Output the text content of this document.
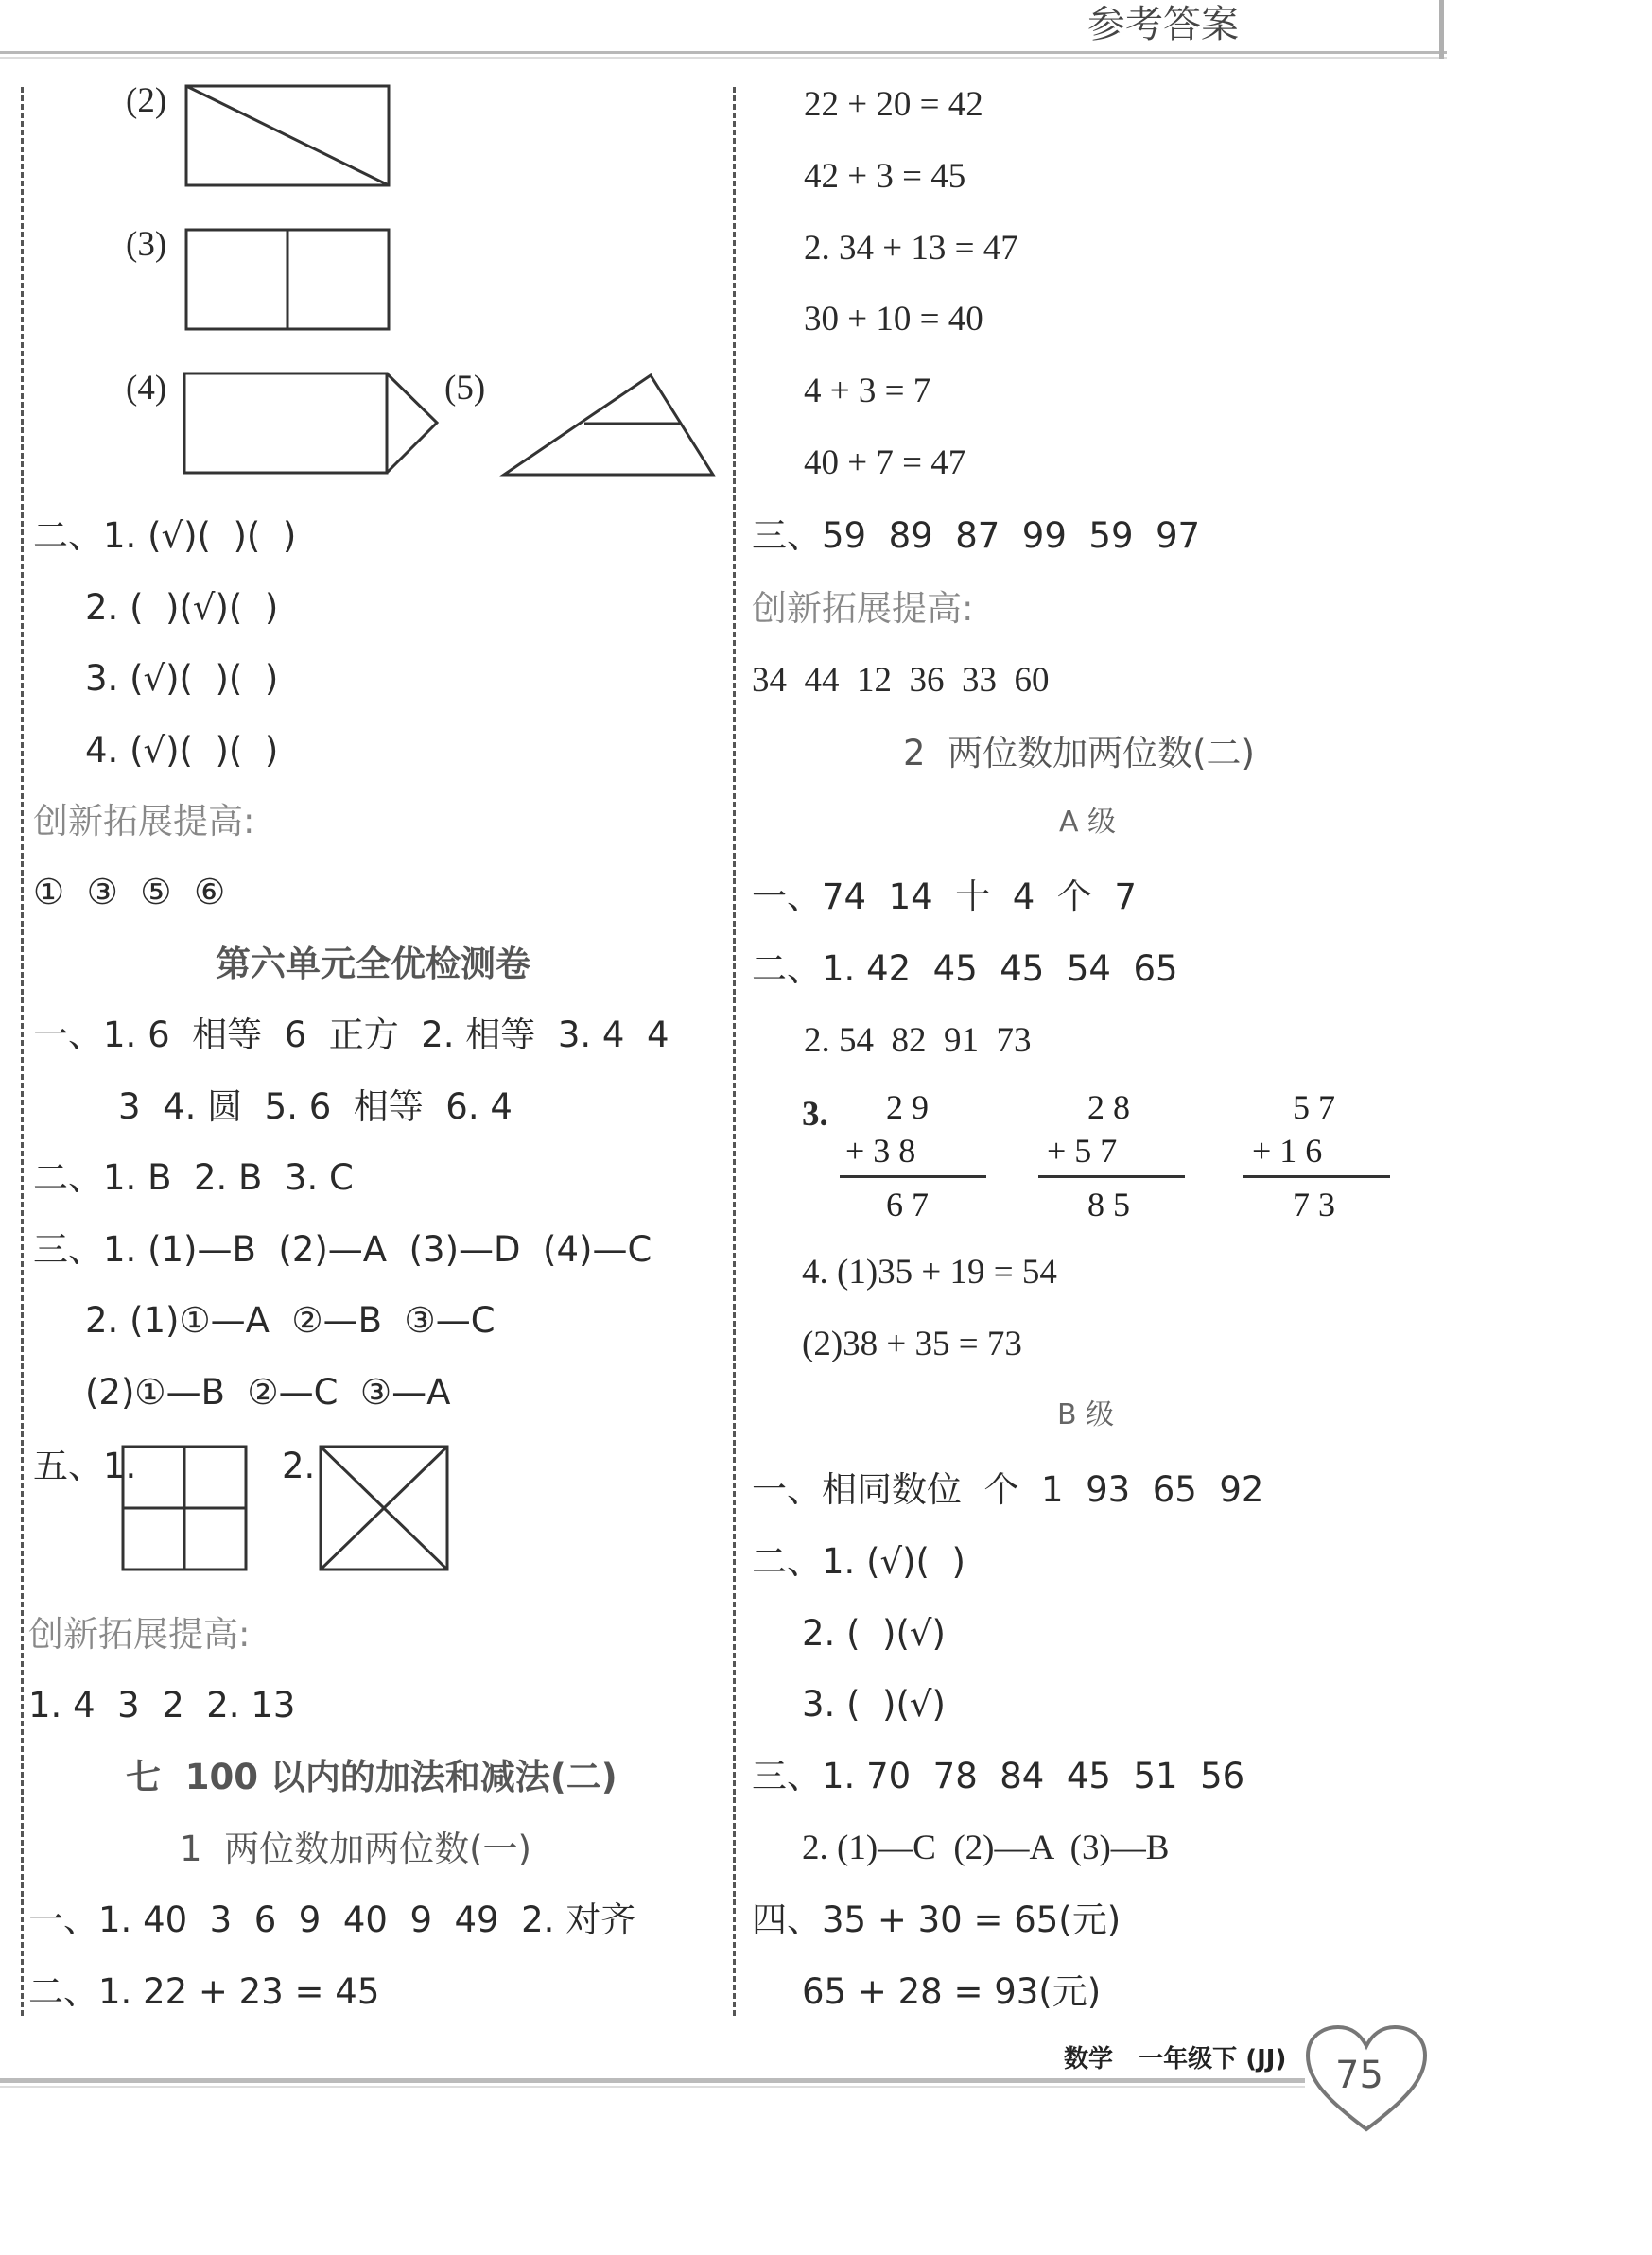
参考答案
(2)
(3)
(4)	(5)
二、1. (√)(  )(  )
2. (  )(√)(  )
3. (√)(  )(  )
4. (√)(  )(  )
创新拓展提高:
①  ③  ⑤  ⑥
第六单元全优检测卷
一、1. 6  相等  6  正方  2. 相等  3. 4  4
3  4. 圆  5. 6  相等  6. 4
二、1. B  2. B  3. C
三、1. (1)—B  (2)—A  (3)—D  (4)—C
2. (1)①—A  ②—B  ③—C
(2)①—B  ②—C  ③—A
五、1.	2.
创新拓展提高:
1. 4  3  2  2. 13
七  100 以内的加法和减法(二)
1  两位数加两位数(一)
一、1. 40  3  6  9  40  9  49  2. 对齐
二、1. 22 + 23 = 45
22 + 20 = 42
42 + 3 = 45
2. 34 + 13 = 47
30 + 10 = 40
4 + 3 = 7
40 + 7 = 47
三、59  89  87  99  59  97
创新拓展提高:
34  44  12  36  33  60
2  两位数加两位数(二)
A 级
一、74  14  十  4  个  7
二、1. 42  45  45  54  65
2. 54  82  91  73
3. 2 9
+ 3 8
6 7
2 8
+ 5 7
8 5
5 7
+ 1 6
7 3
4. (1)35 + 19 = 54
(2)38 + 35 = 73
B 级
一、相同数位  个  1  93  65  92
二、1. (√)(  )
2. (  )(√)
3. (  )(√)
三、1. 70  78  84  45  51  56
2. (1)—C  (2)—A  (3)—B
四、35 + 30 = 65(元)
65 + 28 = 93(元)
数学 一年级下 (JJ) 75
